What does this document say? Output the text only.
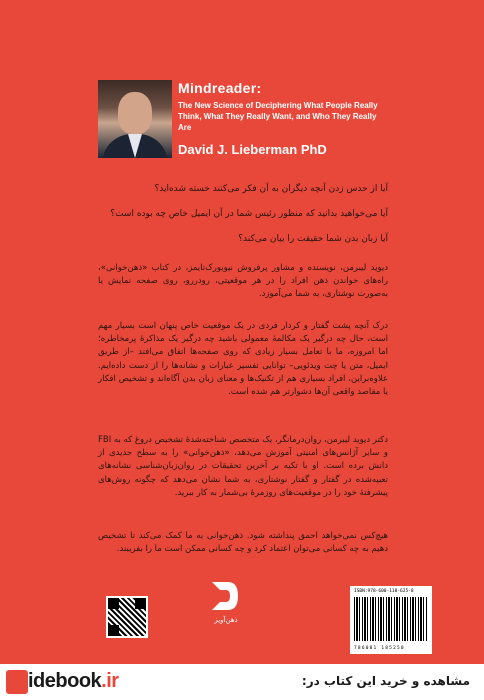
Mindreader:
The New Science of Deciphering What People Really Think, What They Really Want, and Who They Really Are
David J. Lieberman PhD
آیا از حدس زدن آنچه دیگران به آن فکر می‌کنند خسته شده‌اید؟
آیا می‌خواهید بدانید که منظور رئیس شما در آن ایمیل خاص چه بوده است؟
آیا زبان بدن شما حقیقت را بیان می‌کند؟
دیوید لیبرمن، نویسنده و مشاور پرفروش نیویورک‌تایمز، در کتاب «ذهن‌خوانی»، راه‌های خواندن ذهن افراد را در هر موقعیتی، رودررو، روی صفحه نمایش یا به‌صورت نوشتاری، به شما می‌آموزد.
درک آنچه پشت گفتار و کردار فردی در یک موقعیت خاص پنهان است بسیار مهم است، حال چه درگیر یک مکالمهٔ معمولی باشید چه درگیر یک مذاکرهٔ پرمخاطره؛ اما امروزه، ما با تعامل بسیار زیادی که روی صفحه‌ها اتفاق می‌افتد –از طریق ایمیل، متن یا چت ویدئویی– توانایی تفسیر عبارات و نشانه‌ها را از دست داده‌ایم. علاوه‌براین، افراد بسیاری هم از تکنیک‌ها و معنای زبان بدن آگاه‌اند و تشخیص افکار یا مقاصد واقعی آن‌ها دشوارتر هم شده است.
دکتر دیوید لیبرمن، روان‌درمانگر، یک متخصص شناخته‌شدهٔ تشخیص دروغ که به FBI و سایر آژانس‌های امنیتی آموزش می‌دهد، «ذهن‌خوانی» را به سطح جدیدی از دانش برده است. او با تکیه بر آخرین تحقیقات در روان‌زبان‌شناسی نشانه‌های تعبیه‌شده در گفتار و گفتار نوشتاری، به شما نشان می‌دهد که چگونه روش‌های پیشرفتهٔ خود را در موقعیت‌های روزمرهٔ بی‌شمار به کار ببرید.
هیچ‌کس نمی‌خواهد احمق پنداشته شود. ذهن‌خوانی به ما کمک می‌کند تا تشخیص دهیم به چه کسانی می‌توان اعتماد کرد و چه کسانی ممکن است ما را بفریبند.
ذهن‌آویز
ISBN:978-600-118-625-8
786001 185250
idebook.ir	مشاهده و خرید این کتاب در:
